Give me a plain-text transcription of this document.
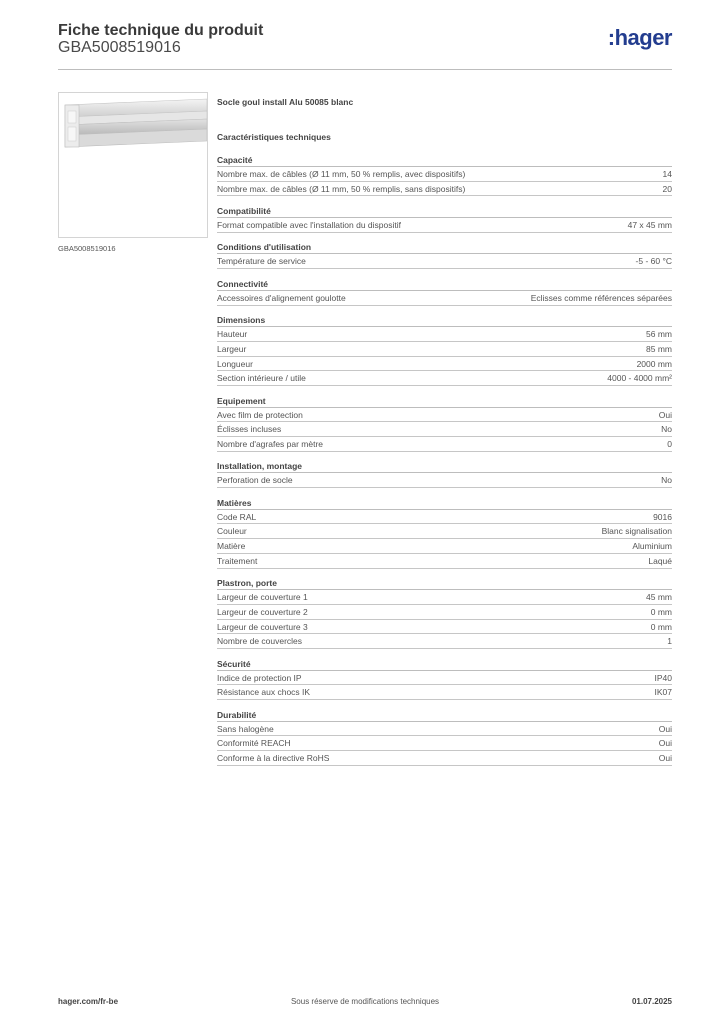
Fiche technique du produit
GBA5008519016	:hager
GBA5008519016
Socle goul install Alu 50085 blanc
Caractéristiques techniques
Capacité
Nombre max. de câbles (Ø 11 mm, 50 % remplis, avec dispositifs)	14
Nombre max. de câbles (Ø 11 mm, 50 % remplis, sans dispositifs)	20
Compatibilité
Format compatible avec l'installation du dispositif	47 x 45 mm
Conditions d'utilisation
Température de service	-5 - 60 °C
Connectivité
Accessoires d'alignement goulotte	Eclisses comme références séparées
Dimensions
Hauteur	56 mm
Largeur	85 mm
Longueur	2000 mm
Section intérieure / utile	4000 - 4000 mm²
Equipement
Avec film de protection	Oui
Éclisses incluses	No
Nombre d'agrafes par mètre	0
Installation, montage
Perforation de socle	No
Matières
Code RAL	9016
Couleur	Blanc signalisation
Matière	Aluminium
Traitement	Laqué
Plastron, porte
Largeur de couverture 1	45 mm
Largeur de couverture 2	0 mm
Largeur de couverture 3	0 mm
Nombre de couvercles	1
Sécurité
Indice de protection IP	IP40
Résistance aux chocs IK	IK07
Durabilité
Sans halogène	Oui
Conformité REACH	Oui
Conforme à la directive RoHS	Oui
hager.com/fr-be	Sous réserve de modifications techniques	01.07.2025
